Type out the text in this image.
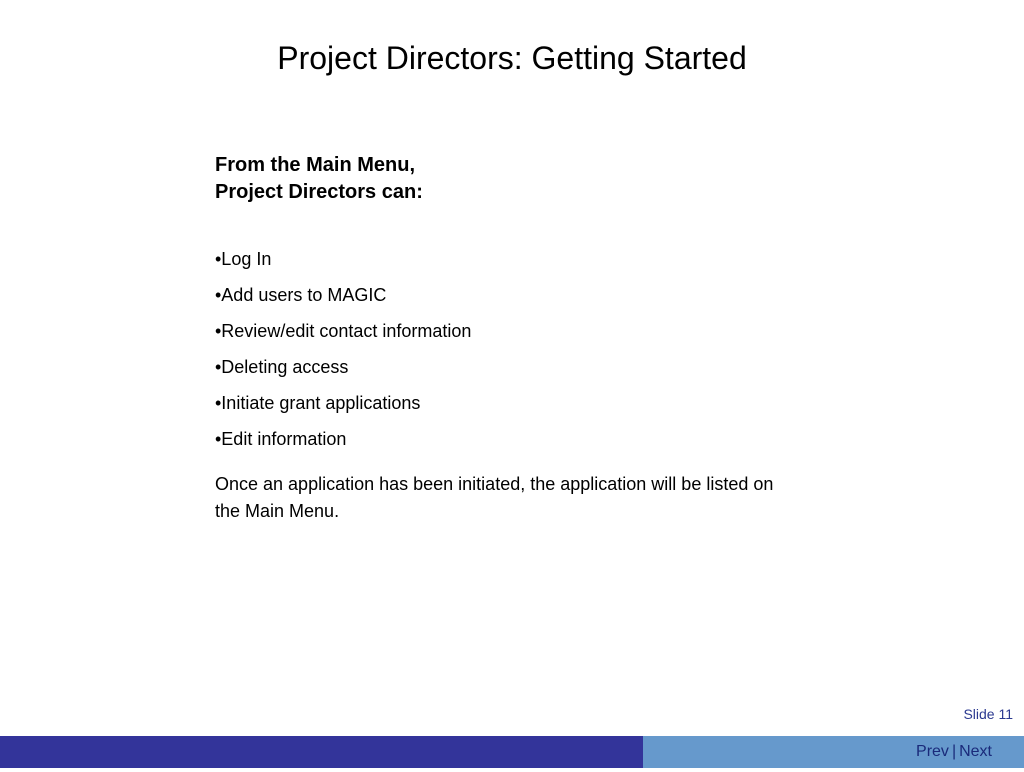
Project Directors: Getting Started

From the Main Menu,
Project Directors can:

•Log In
•Add users to MAGIC
•Review/edit contact information
•Deleting access
•Initiate grant applications
•Edit information

Once an application has been initiated, the application will be listed on the Main Menu.

Slide 11
Prev | Next
